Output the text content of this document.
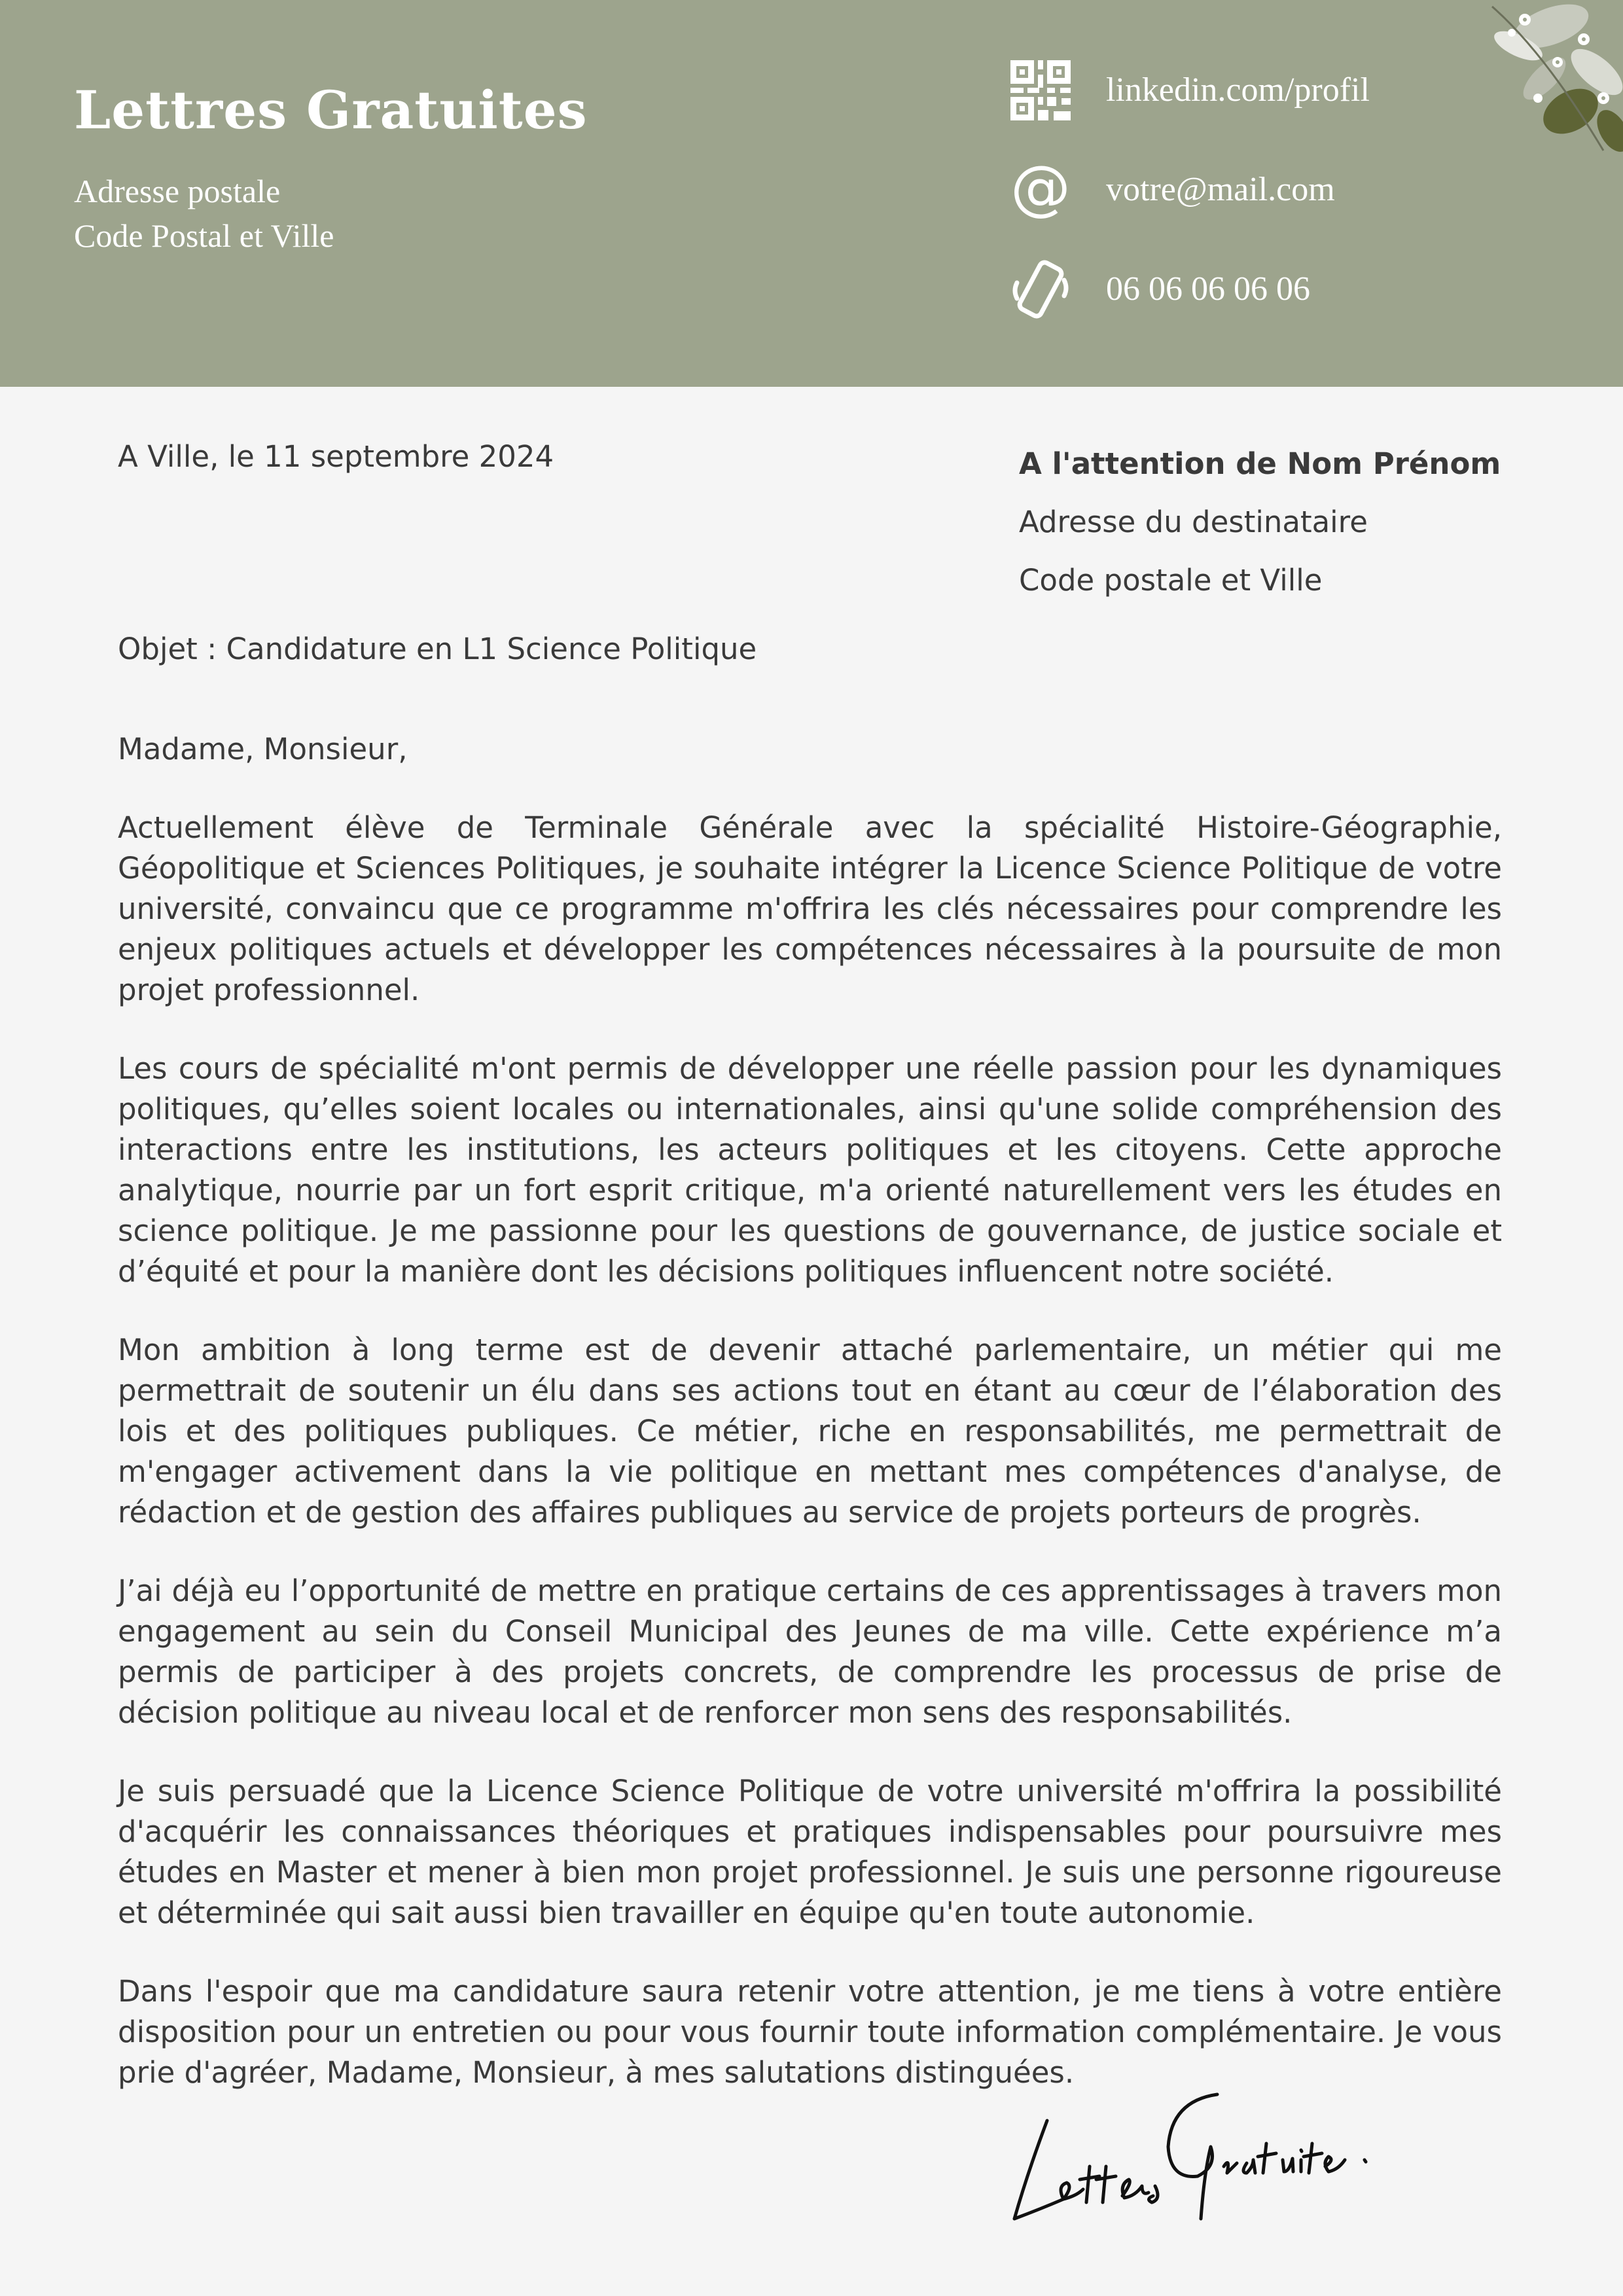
Lettres Gratuites
Adresse postale
Code Postal et Ville
linkedin.com/profil
@ votre@mail.com
06 06 06 06 06
A Ville, le 11 septembre 2024	A l'attention de Nom Prénom
Adresse du destinataire
Code postale et Ville
Objet : Candidature en L1 Science Politique
Madame, Monsieur,

Actuellement élève de Terminale Générale avec la spécialité Histoire-Géographie, Géopolitique et Sciences Politiques, je souhaite intégrer la Licence Science Politique de votre université, convaincu que ce programme m'offrira les clés nécessaires pour comprendre les enjeux politiques actuels et développer les compétences nécessaires à la poursuite de mon projet professionnel.

Les cours de spécialité m'ont permis de développer une réelle passion pour les dynamiques politiques, qu’elles soient locales ou internationales, ainsi qu'une solide compréhension des interactions entre les institutions, les acteurs politiques et les citoyens. Cette approche analytique, nourrie par un fort esprit critique, m'a orienté naturellement vers les études en science politique. Je me passionne pour les questions de gouvernance, de justice sociale et d’équité et pour la manière dont les décisions politiques influencent notre société.

Mon ambition à long terme est de devenir attaché parlementaire, un métier qui me permettrait de soutenir un élu dans ses actions tout en étant au cœur de l’élaboration des lois et des politiques publiques. Ce métier, riche en responsabilités, me permettrait de m'engager activement dans la vie politique en mettant mes compétences d'analyse, de rédaction et de gestion des affaires publiques au service de projets porteurs de progrès.

J’ai déjà eu l’opportunité de mettre en pratique certains de ces apprentissages à travers mon engagement au sein du Conseil Municipal des Jeunes de ma ville. Cette expérience m’a permis de participer à des projets concrets, de comprendre les processus de prise de décision politique au niveau local et de renforcer mon sens des responsabilités.

Je suis persuadé que la Licence Science Politique de votre université m'offrira la possibilité d'acquérir les connaissances théoriques et pratiques indispensables pour poursuivre mes études en Master et mener à bien mon projet professionnel. Je suis une personne rigoureuse et déterminée qui sait aussi bien travailler en équipe qu'en toute autonomie.

Dans l'espoir que ma candidature saura retenir votre attention, je me tiens à votre entière disposition pour un entretien ou pour vous fournir toute information complémentaire. Je vous prie d'agréer, Madame, Monsieur, à mes salutations distinguées.
